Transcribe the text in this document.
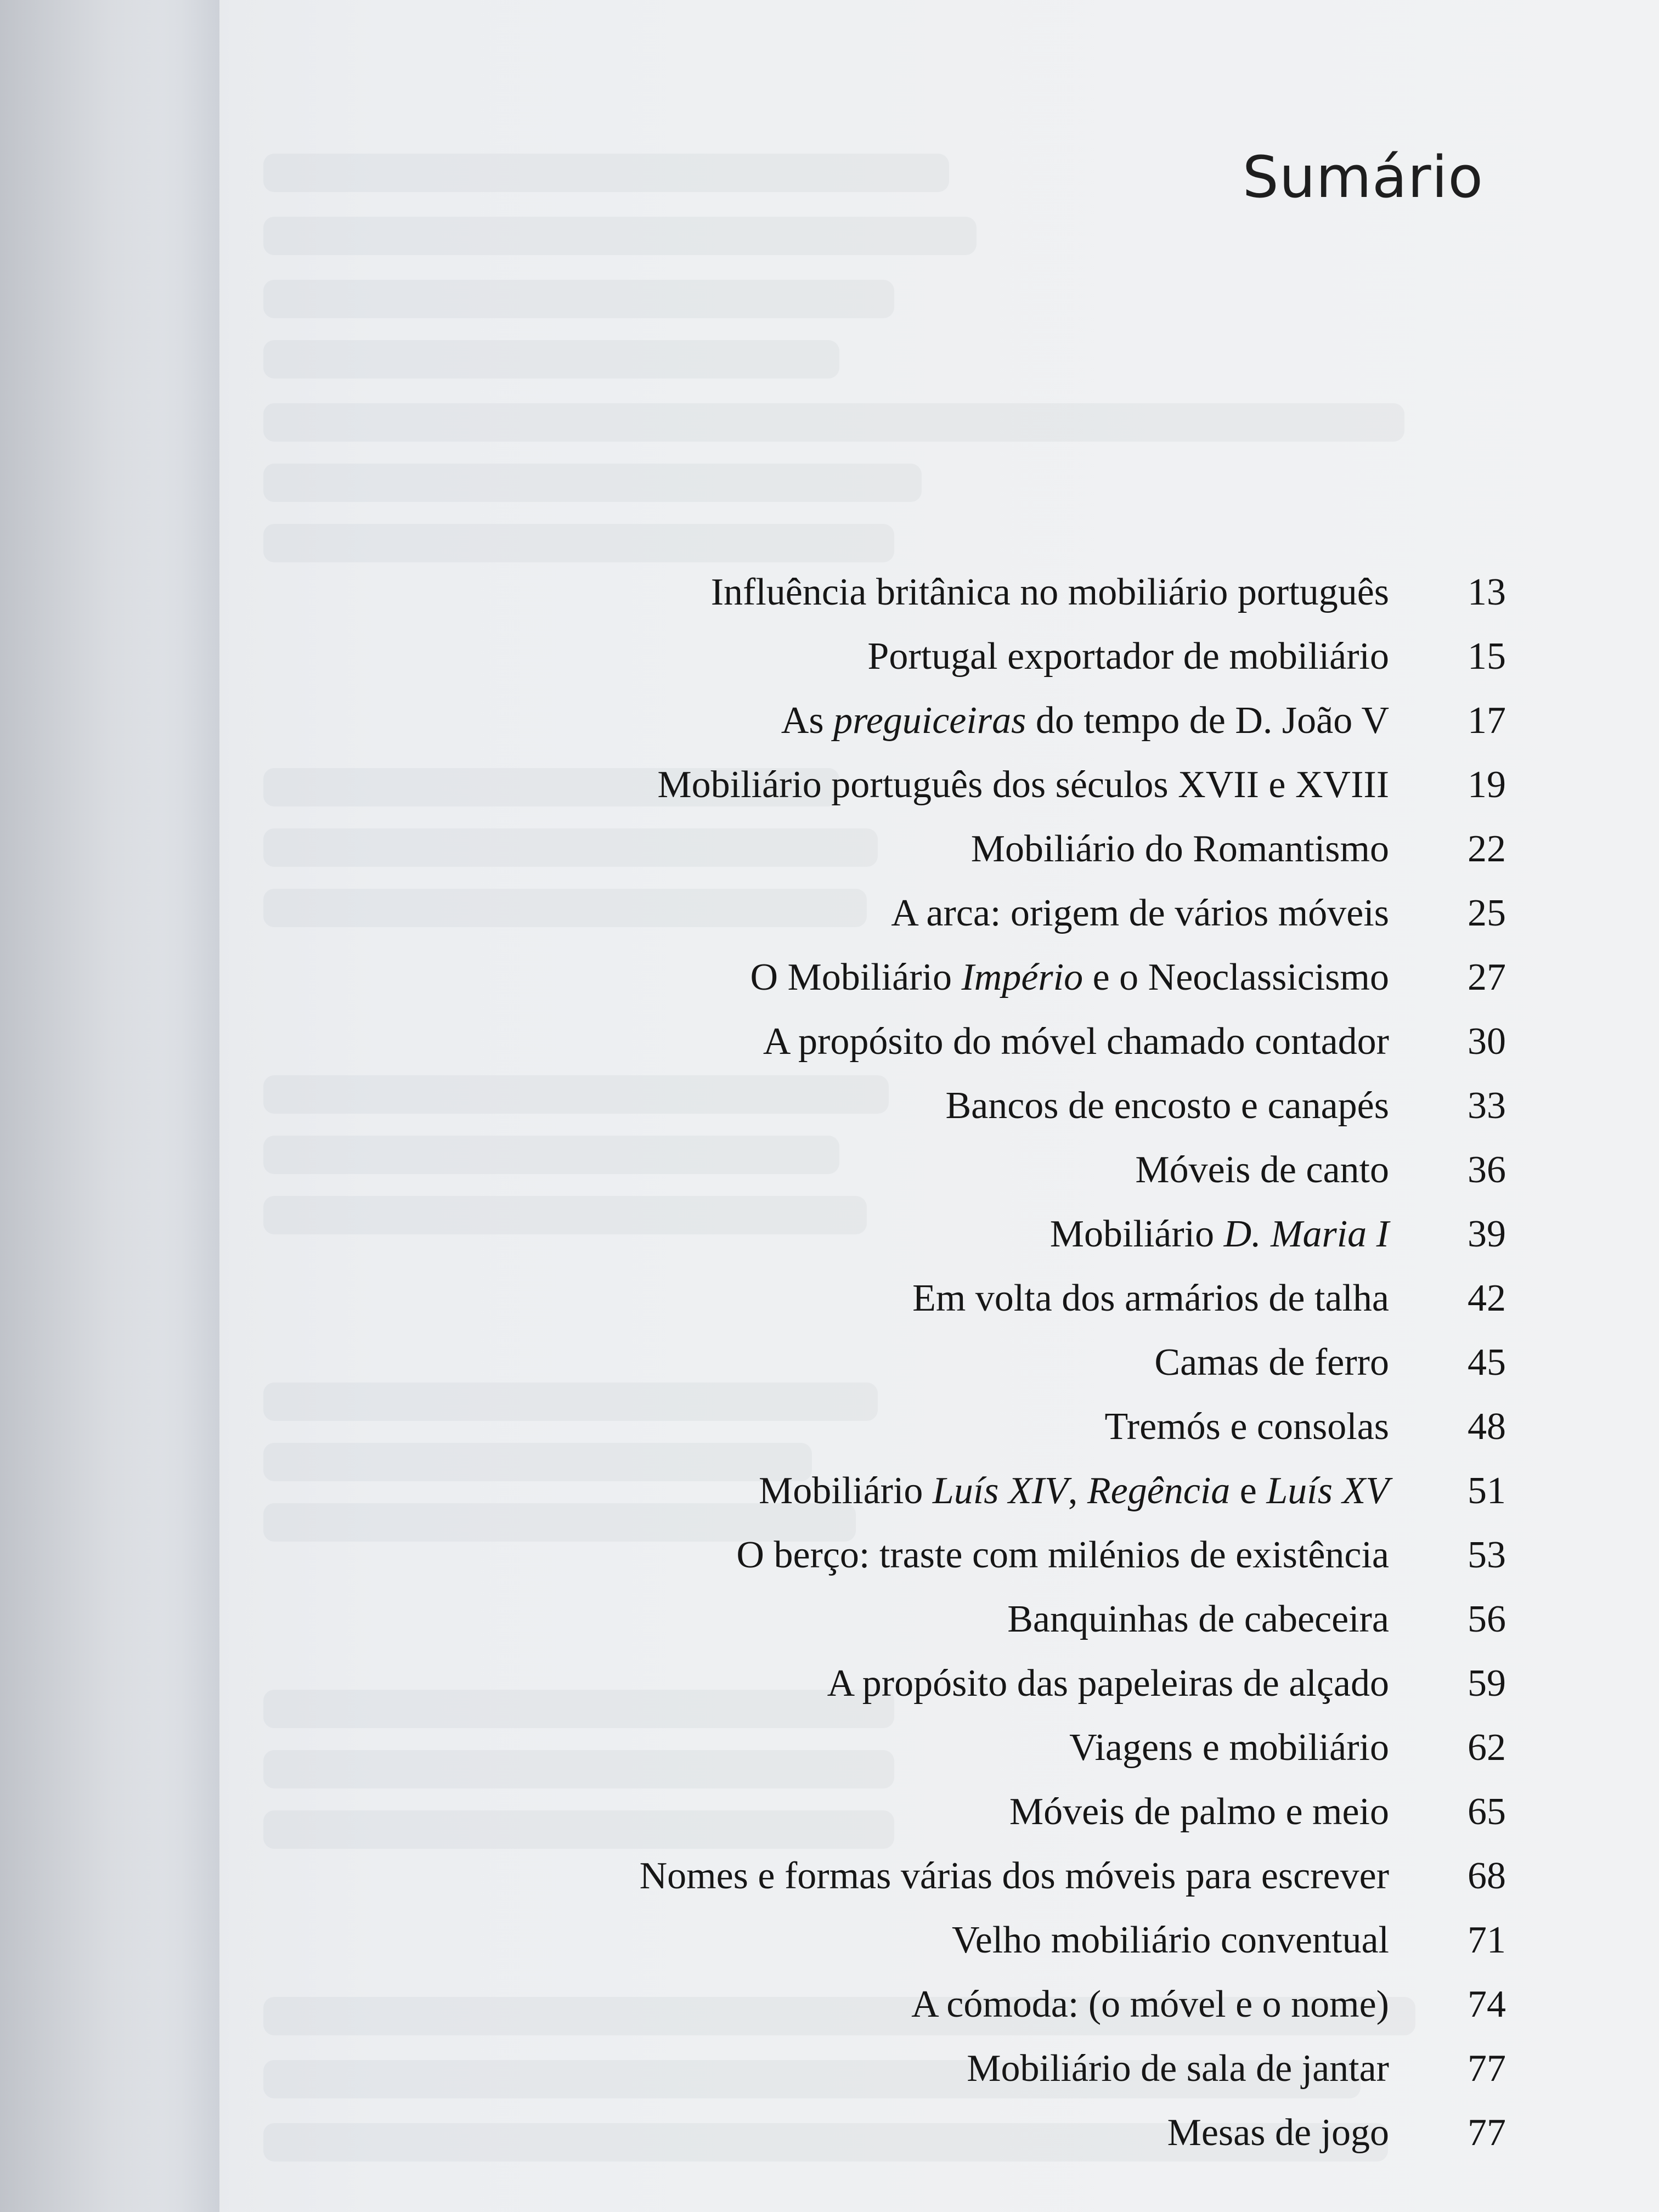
Sumário
Influência britânica no mobiliário português	13
Portugal exportador de mobiliário	15
As preguiceiras do tempo de D. João V	17
Mobiliário português dos séculos XVII e XVIII	19
Mobiliário do Romantismo	22
A arca: origem de vários móveis	25
O Mobiliário Império e o Neoclassicismo	27
A propósito do móvel chamado contador	30
Bancos de encosto e canapés	33
Móveis de canto	36
Mobiliário D. Maria I	39
Em volta dos armários de talha	42
Camas de ferro	45
Tremós e consolas	48
Mobiliário Luís XIV, Regência e Luís XV	51
O berço: traste com milénios de existência	53
Banquinhas de cabeceira	56
A propósito das papeleiras de alçado	59
Viagens e mobiliário	62
Móveis de palmo e meio	65
Nomes e formas várias dos móveis para escrever	68
Velho mobiliário conventual	71
A cómoda: (o móvel e o nome)	74
Mobiliário de sala de jantar	77
Mesas de jogo	77
